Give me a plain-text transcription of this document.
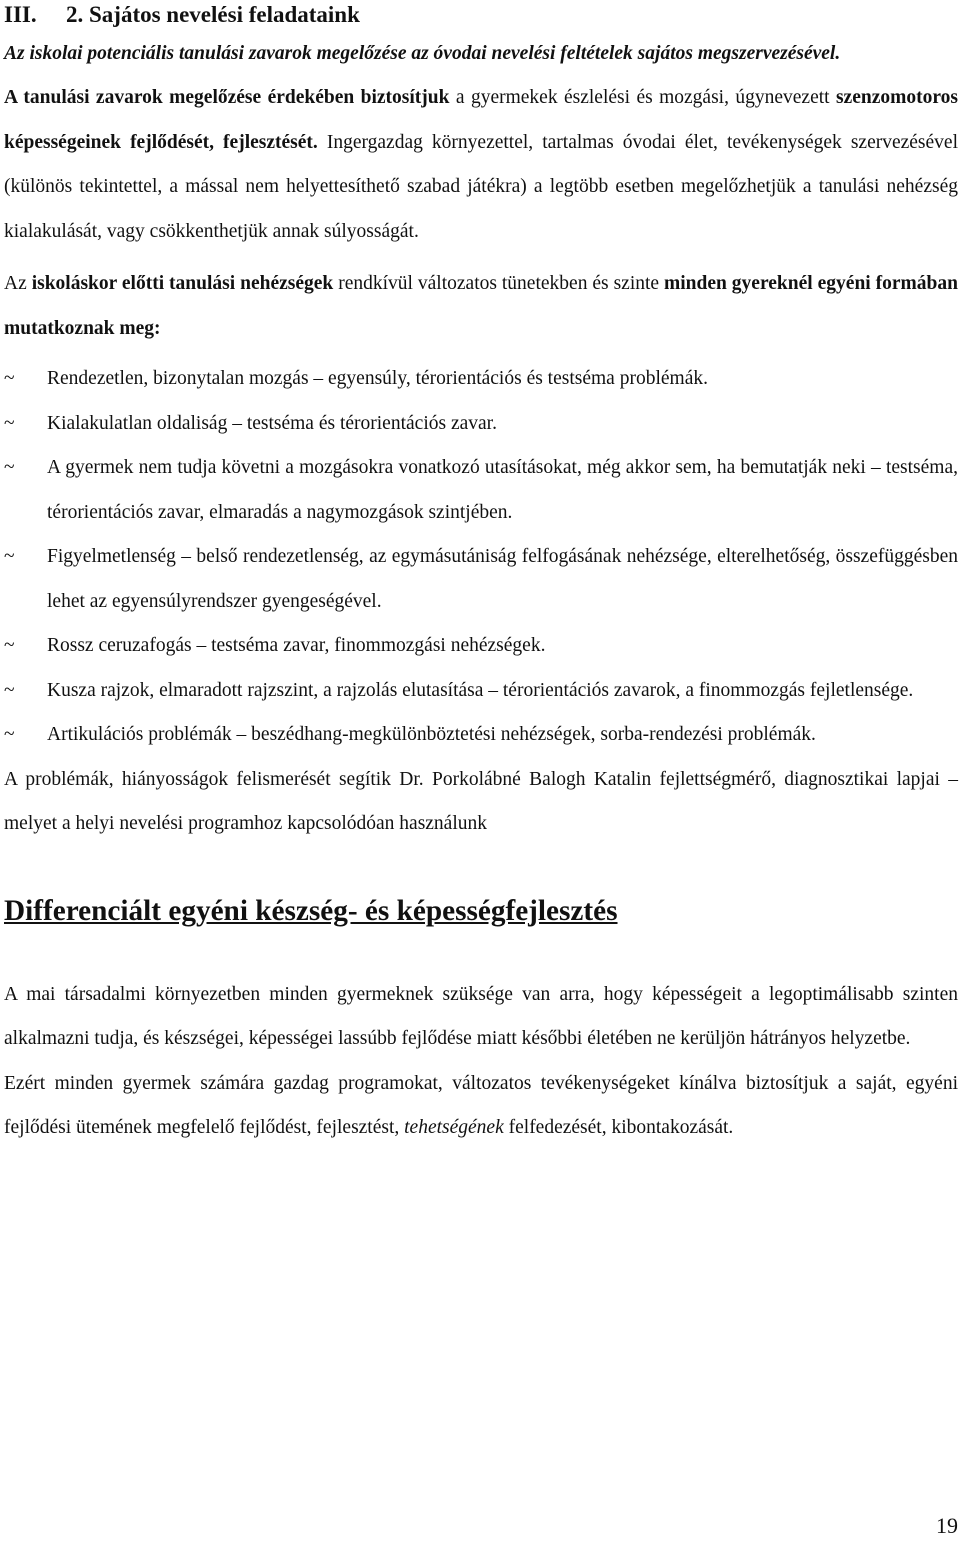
III. 2. Sajátos nevelési feladataink

Az iskolai potenciális tanulási zavarok megelőzése az óvodai nevelési feltételek sajátos megszervezésével.

A tanulási zavarok megelőzése érdekében biztosítjuk a gyermekek észlelési és mozgási, úgynevezett szenzomotoros képességeinek fejlődését, fejlesztését. Ingergazdag környezettel, tartalmas óvodai élet, tevékenységek szervezésével (különös tekintettel, a mással nem helyettesíthető szabad játékra) a legtöbb esetben megelőzhetjük a tanulási nehézség kialakulását, vagy csökkenthetjük annak súlyosságát.

Az iskoláskor előtti tanulási nehézségek rendkívül változatos tünetekben és szinte minden gyereknél egyéni formában mutatkoznak meg:

~ Rendezetlen, bizonytalan mozgás – egyensúly, térorientációs és testséma problémák.
~ Kialakulatlan oldaliság – testséma és térorientációs zavar.
~ A gyermek nem tudja követni a mozgásokra vonatkozó utasításokat, még akkor sem, ha bemutatják neki – testséma, térorientációs zavar, elmaradás a nagymozgások szintjében.
~ Figyelmetlenség – belső rendezetlenség, az egymásutániság felfogásának nehézsége, elterelhetőség, összefüggésben lehet az egyensúlyrendszer gyengeségével.
~ Rossz ceruzafogás – testséma zavar, finommozgási nehézségek.
~ Kusza rajzok, elmaradott rajzszint, a rajzolás elutasítása – térorientációs zavarok, a finommozgás fejletlensége.
~ Artikulációs problémák – beszédhang-megkülönböztetési nehézségek, sorba-rendezési problémák.

A problémák, hiányosságok felismerését segítik Dr. Porkolábné Balogh Katalin fejlettségmérő, diagnosztikai lapjai – melyet a helyi nevelési programhoz kapcsolódóan használunk

Differenciált egyéni készség- és képességfejlesztés

A mai társadalmi környezetben minden gyermeknek szüksége van arra, hogy képességeit a legoptimálisabb szinten alkalmazni tudja, és készségei, képességei lassúbb fejlődése miatt későbbi életében ne kerüljön hátrányos helyzetbe.

Ezért minden gyermek számára gazdag programokat, változatos tevékenységeket kínálva biztosítjuk a saját, egyéni fejlődési ütemének megfelelő fejlődést, fejlesztést, tehetségének felfedezését, kibontakozását.

19
